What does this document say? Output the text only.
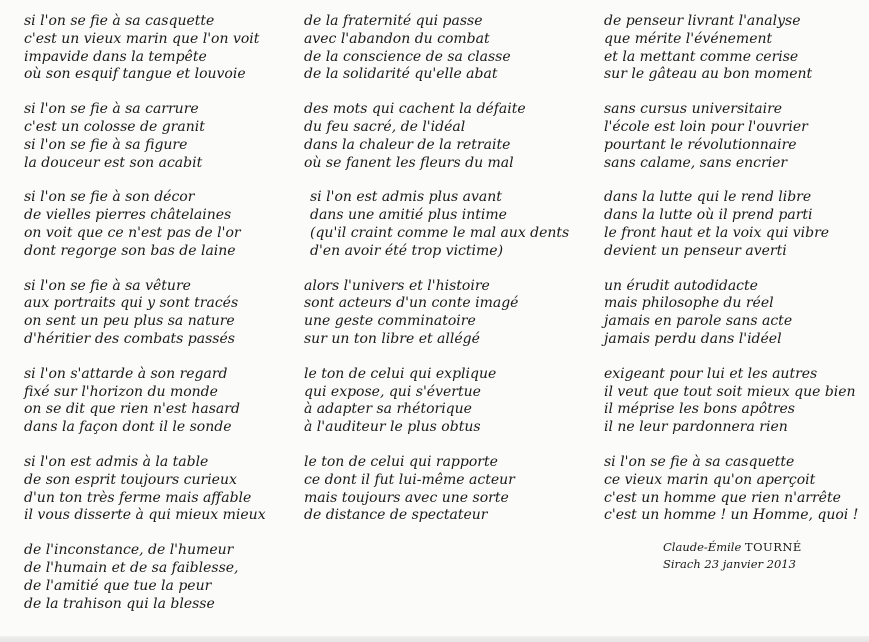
si l'on se fie à sa casquette
c'est un vieux marin que l'on voit
impavide dans la tempête
où son esquif tangue et louvoie
si l'on se fie à sa carrure
c'est un colosse de granit
si l'on se fie à sa figure
la douceur est son acabit
si l'on se fie à son décor
de vielles pierres châtelaines
on voit que ce n'est pas de l'or
dont regorge son bas de laine
si l'on se fie à sa vêture
aux portraits qui y sont tracés
on sent un peu plus sa nature
d'héritier des combats passés
si l'on s'attarde à son regard
fixé sur l'horizon du monde
on se dit que rien n'est hasard
dans la façon dont il le sonde
si l'on est admis à la table
de son esprit toujours curieux
d'un ton très ferme mais affable
il vous disserte à qui mieux mieux
de l'inconstance, de l'humeur
de l'humain et de sa faiblesse,
de l'amitié que tue la peur
de la trahison qui la blesse
de la fraternité qui passe
avec l'abandon du combat
de la conscience de sa classe
de la solidarité qu'elle abat
des mots qui cachent la défaite
du feu sacré, de l'idéal
dans la chaleur de la retraite
où se fanent les fleurs du mal
si l'on est admis plus avant
dans une amitié plus intime
(qu'il craint comme le mal aux dents
d'en avoir été trop victime)
alors l'univers et l'histoire
sont acteurs d'un conte imagé
une geste comminatoire
sur un ton libre et allégé
le ton de celui qui explique
qui expose, qui s'évertue
à adapter sa rhétorique
à l'auditeur le plus obtus
le ton de celui qui rapporte
ce dont il fut lui-même acteur
mais toujours avec une sorte
de distance de spectateur
de penseur livrant l'analyse
que mérite l'événement
et la mettant comme cerise
sur le gâteau au bon moment
sans cursus universitaire
l'école est loin pour l'ouvrier
pourtant le révolutionnaire
sans calame, sans encrier
dans la lutte qui le rend libre
dans la lutte où il prend parti
le front haut et la voix qui vibre
devient un penseur averti
un érudit autodidacte
mais philosophe du réel
jamais en parole sans acte
jamais perdu dans l'idéel
exigeant pour lui et les autres
il veut que tout soit mieux que bien
il méprise les bons apôtres
il ne leur pardonnera rien
si l'on se fie à sa casquette
ce vieux marin qu'on aperçoit
c'est un homme que rien n'arrête
c'est un homme ! un Homme, quoi !
Claude-Émile TOURNÉ
Sirach 23 janvier 2013
